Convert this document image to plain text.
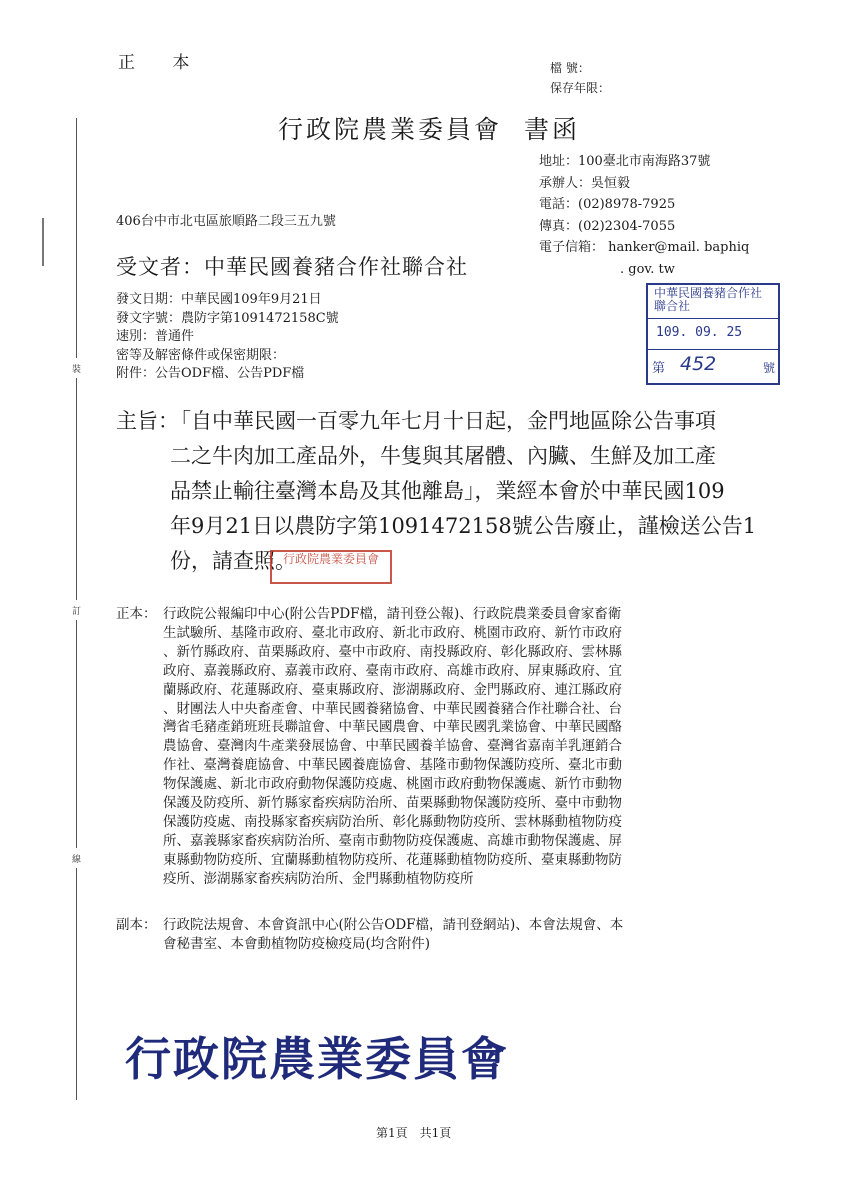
裝
訂
線
正 本	檔 號：
保存年限：
行政院農業委員會 書函
地址：100臺北市南海路37號
承辦人：吳恒毅
電話：(02)8978-7925
傳真：(02)2304-7055
電子信箱： hanker@mail. baphiq
. gov. tw
406台中市北屯區旅順路二段三五九號
受文者：中華民國養豬合作社聯合社
發文日期：中華民國109年9月21日
發文字號：農防字第1091472158C號
速別：普通件
密等及解密條件或保密期限：
附件：公告ODF檔、公告PDF檔
中華民國養豬合作社聯合社
109. 09. 25
第 452	號
主旨：
「自中華民國一百零九年七月十日起，金門地區除公告事項
二之牛肉加工產品外，牛隻與其屠體、內臟、生鮮及加工產
品禁止輸往臺灣本島及其他離島」，業經本會於中華民國109
年9月21日以農防字第1091472158號公告廢止，謹檢送公告1
份，請查照。
行政院農業委員會
正本： 行政院公報編印中心(附公告PDF檔，請刊登公報)、行政院農業委員會家畜衛
生試驗所、基隆市政府、臺北市政府、新北市政府、桃園市政府、新竹市政府
、新竹縣政府、苗栗縣政府、臺中市政府、南投縣政府、彰化縣政府、雲林縣
政府、嘉義縣政府、嘉義市政府、臺南市政府、高雄市政府、屏東縣政府、宜
蘭縣政府、花蓮縣政府、臺東縣政府、澎湖縣政府、金門縣政府、連江縣政府
、財團法人中央畜產會、中華民國養豬協會、中華民國養豬合作社聯合社、台
灣省毛豬產銷班班長聯誼會、中華民國農會、中華民國乳業協會、中華民國酪
農協會、臺灣肉牛產業發展協會、中華民國養羊協會、臺灣省嘉南羊乳運銷合
作社、臺灣養鹿協會、中華民國養鹿協會、基隆市動物保護防疫所、臺北市動
物保護處、新北市政府動物保護防疫處、桃園市政府動物保護處、新竹市動物
保護及防疫所、新竹縣家畜疾病防治所、苗栗縣動物保護防疫所、臺中市動物
保護防疫處、南投縣家畜疾病防治所、彰化縣動物防疫所、雲林縣動植物防疫
所、嘉義縣家畜疾病防治所、臺南市動物防疫保護處、高雄市動物保護處、屏
東縣動物防疫所、宜蘭縣動植物防疫所、花蓮縣動植物防疫所、臺東縣動物防
疫所、澎湖縣家畜疾病防治所、金門縣動植物防疫所
副本： 行政院法規會、本會資訊中心(附公告ODF檔，請刊登網站)、本會法規會、本
會秘書室、本會動植物防疫檢疫局(均含附件)
行政院農業委員會
第1頁　共1頁
